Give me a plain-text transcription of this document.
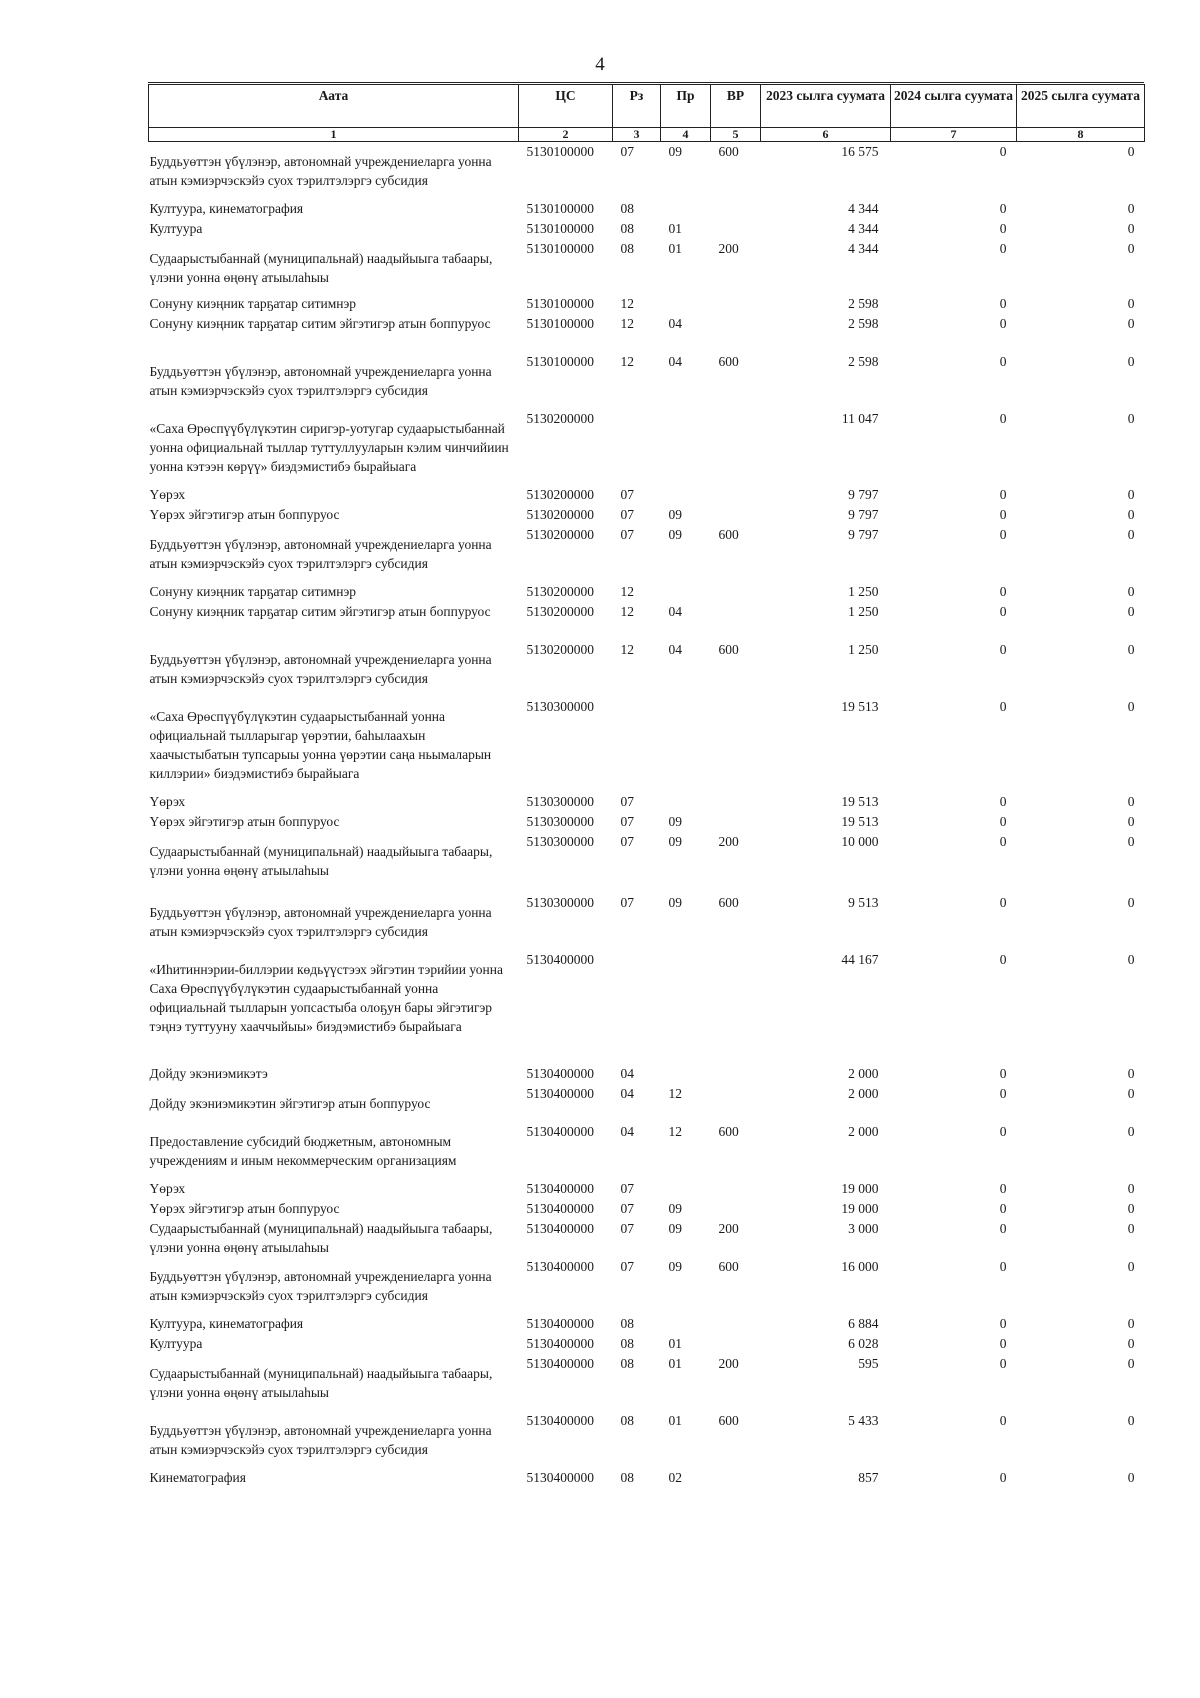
4
Аата	ЦС	Рз	Пр	ВР	2023 сылга суумата	2024 сылга суумата	2025 сылга суумата
1	2	3	4	5	6	7	8

Буддьуөттэн үбүлэнэр, автономнай учреждениеларга уонна атын кэмиэрчэскэйэ суох тэрилтэлэргэ субсидия	5130100000	07	09	600	16 575	0	0

Култуура, кинематография	5130100000	08			4 344	0	0

Култуура	5130100000	08	01		4 344	0	0

Судаарыстыбаннай (муниципальнай) наадыйыыга табаары, үлэни уонна өңөнү атыылаhыы	5130100000	08	01	200	4 344	0	0

Сонуну киэңник тарҕатар ситимнэр	5130100000	12			2 598	0	0

Сонуну киэңник тарҕатар ситим эйгэтигэр атын боппуруос	5130100000	12	04		2 598	0	0

Буддьуөттэн үбүлэнэр, автономнай учреждениеларга уонна атын кэмиэрчэскэйэ суох тэрилтэлэргэ субсидия	5130100000	12	04	600	2 598	0	0

«Саха Өрөспүүбүлүкэтин сиригэр-уотугар судаарыстыбаннай уонна официальнай тыллар туттуллууларын кэлим чинчийиин уонна кэтээн көрүү» биэдэмистибэ бырайыага	5130200000				11 047	0	0

Үөрэх	5130200000	07			9 797	0	0

Үөрэх эйгэтигэр атын боппуруос	5130200000	07	09		9 797	0	0

Буддьуөттэн үбүлэнэр, автономнай учреждениеларга уонна атын кэмиэрчэскэйэ суох тэрилтэлэргэ субсидия	5130200000	07	09	600	9 797	0	0

Сонуну киэңник тарҕатар ситимнэр	5130200000	12			1 250	0	0

Сонуну киэңник тарҕатар ситим эйгэтигэр атын боппуруос	5130200000	12	04		1 250	0	0

Буддьуөттэн үбүлэнэр, автономнай учреждениеларга уонна атын кэмиэрчэскэйэ суох тэрилтэлэргэ субсидия	5130200000	12	04	600	1 250	0	0

«Саха Өрөспүүбүлүкэтин судаарыстыбаннай уонна официальнай тылларыгар үөрэтии, баhылаахын хаачыстыбатын тупсарыы уонна үөрэтии саңа ньымаларын киллэрии» биэдэмистибэ бырайыага	5130300000				19 513	0	0

Үөрэх	5130300000	07			19 513	0	0

Үөрэх эйгэтигэр атын боппуруос	5130300000	07	09		19 513	0	0

Судаарыстыбаннай (муниципальнай) наадыйыыга табаары, үлэни уонна өңөнү атыылаhыы	5130300000	07	09	200	10 000	0	0

Буддьуөттэн үбүлэнэр, автономнай учреждениеларга уонна атын кэмиэрчэскэйэ суох тэрилтэлэргэ субсидия	5130300000	07	09	600	9 513	0	0

«Иhитиннэрии-биллэрии көдьүүстээх эйгэтин тэрийии уонна Саха Өрөспүүбүлүкэтин судаарыстыбаннай уонна официальнай тылларын уопсастыба олоҕун бары эйгэтигэр тэңнэ туттууну хааччыйыы» биэдэмистибэ бырайыага	5130400000				44 167	0	0

Дойду экэниэмикэтэ	5130400000	04			2 000	0	0

Дойду экэниэмикэтин эйгэтигэр атын боппуруос	5130400000	04	12		2 000	0	0

Предоставление субсидий бюджетным, автономным учреждениям и иным некоммерческим организациям	5130400000	04	12	600	2 000	0	0

Үөрэх	5130400000	07			19 000	0	0

Үөрэх эйгэтигэр атын боппуруос	5130400000	07	09		19 000	0	0

Судаарыстыбаннай (муниципальнай) наадыйыыга табаары, үлэни уонна өңөнү атыылаhыы	5130400000	07	09	200	3 000	0	0

Буддьуөттэн үбүлэнэр, автономнай учреждениеларга уонна атын кэмиэрчэскэйэ суох тэрилтэлэргэ субсидия	5130400000	07	09	600	16 000	0	0

Култуура, кинематография	5130400000	08			6 884	0	0

Култуура	5130400000	08	01		6 028	0	0

Судаарыстыбаннай (муниципальнай) наадыйыыга табаары, үлэни уонна өңөнү атыылаhыы	5130400000	08	01	200	595	0	0

Буддьуөттэн үбүлэнэр, автономнай учреждениеларга уонна атын кэмиэрчэскэйэ суох тэрилтэлэргэ субсидия	5130400000	08	01	600	5 433	0	0

Кинематография	5130400000	08	02		857	0	0
